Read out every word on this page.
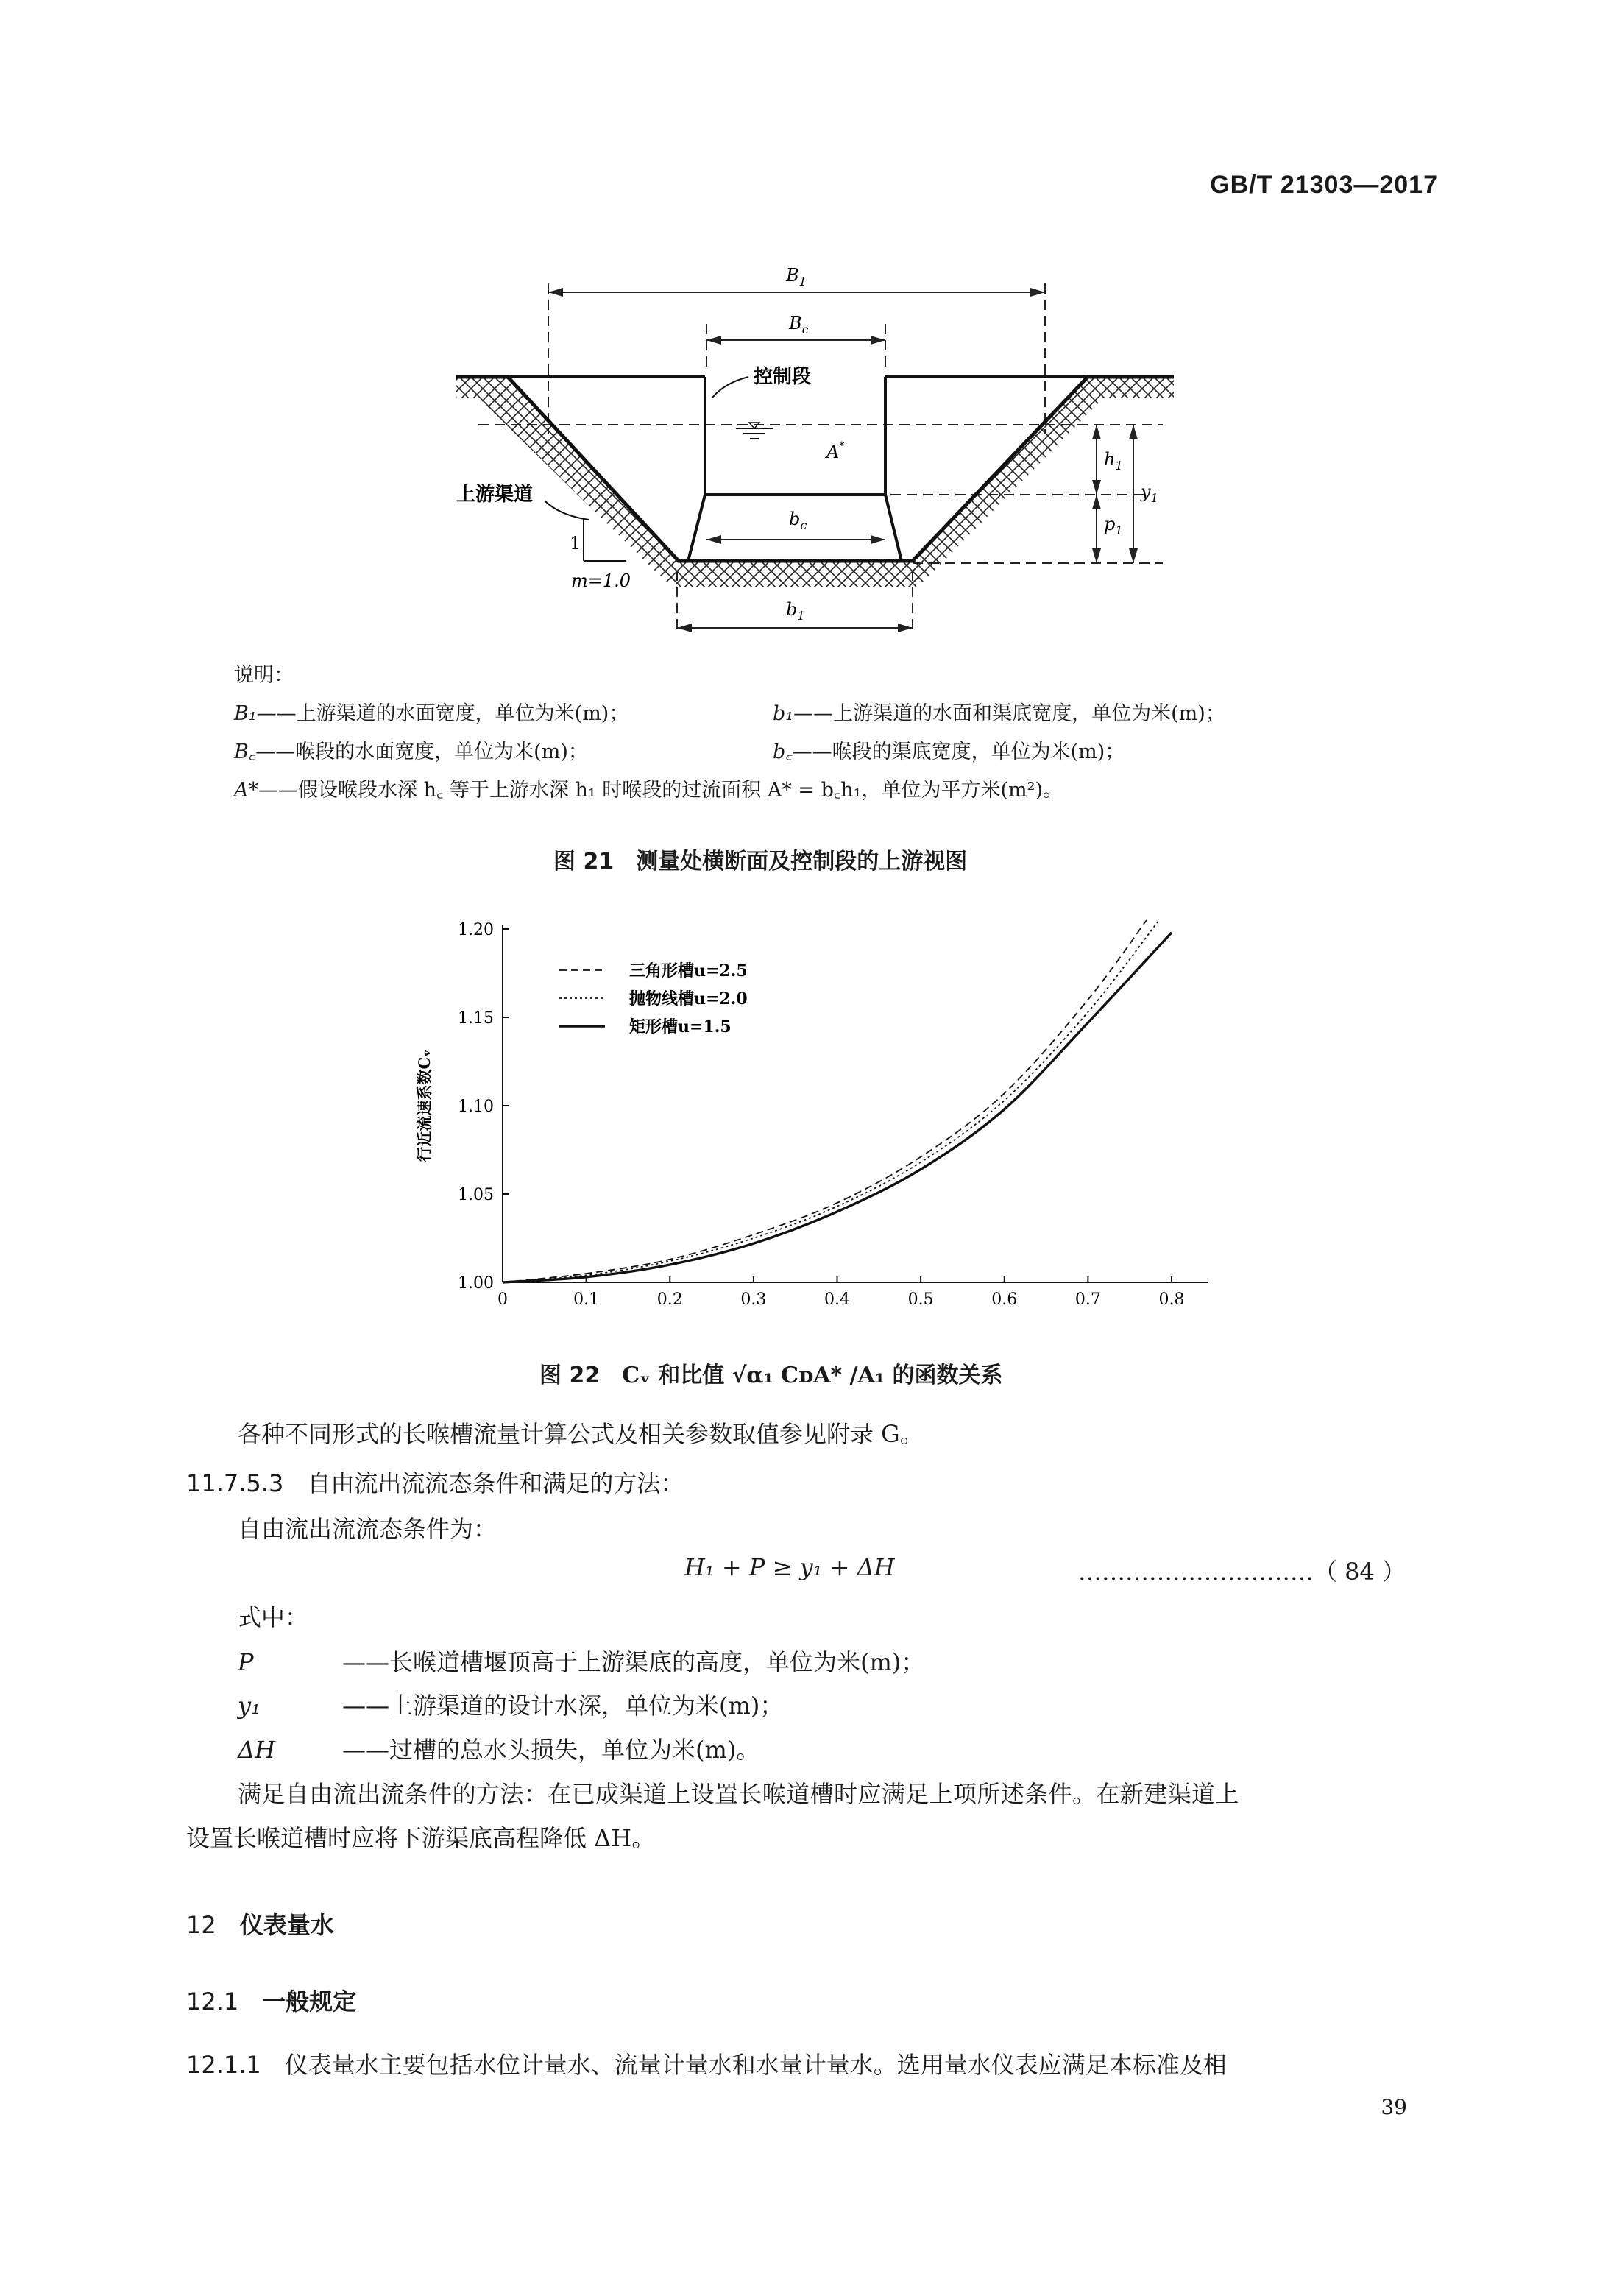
GB/T 21303—2017
$B_1$
$B_c$
控制段
A*
$h_1$
$y_1$
$p_1$
$b_c$
$b_1$
上游渠道
1
m=1.0
说明：
B₁——上游渠道的水面宽度，单位为米(m)；	b₁——上游渠道的水面和渠底宽度，单位为米(m)；
B꜀——喉段的水面宽度，单位为米(m)；	b꜀——喉段的渠底宽度，单位为米(m)；
A*——假设喉段水深 h꜀ 等于上游水深 h₁ 时喉段的过流面积 A* = b꜀h₁，单位为平方米(m²)。
图 21　测量处横断面及控制段的上游视图
0	0.1	0.2	0.3	0.4	0.5	0.6	0.7	0.8
1.00
1.05
1.10
1.15
1.20
行近流速系数Cᵥ
三角形槽u=2.5
抛物线槽u=2.0
矩形槽u=1.5
图 22　 Cᵥ 和比值 √α₁ CᴅA* /A₁ 的函数关系
各种不同形式的长喉槽流量计算公式及相关参数取值参见附录 G。
11.7.5.3　 自由流出流流态条件和满足的方法：
自由流出流流态条件为：
H₁ + P ≥ y₁ + ΔH	…………………………（ 84 ）
式中：
P	——长喉道槽堰顶高于上游渠底的高度，单位为米(m)；
y₁	——上游渠道的设计水深，单位为米(m)；
ΔH	——过槽的总水头损失，单位为米(m)。
满足自由流出流条件的方法：在已成渠道上设置长喉道槽时应满足上项所述条件。在新建渠道上
设置长喉道槽时应将下游渠底高程降低 ΔH。
12　 仪表量水
12.1　 一般规定
12.1.1　 仪表量水主要包括水位计量水、流量计量水和水量计量水。选用量水仪表应满足本标准及相
39
